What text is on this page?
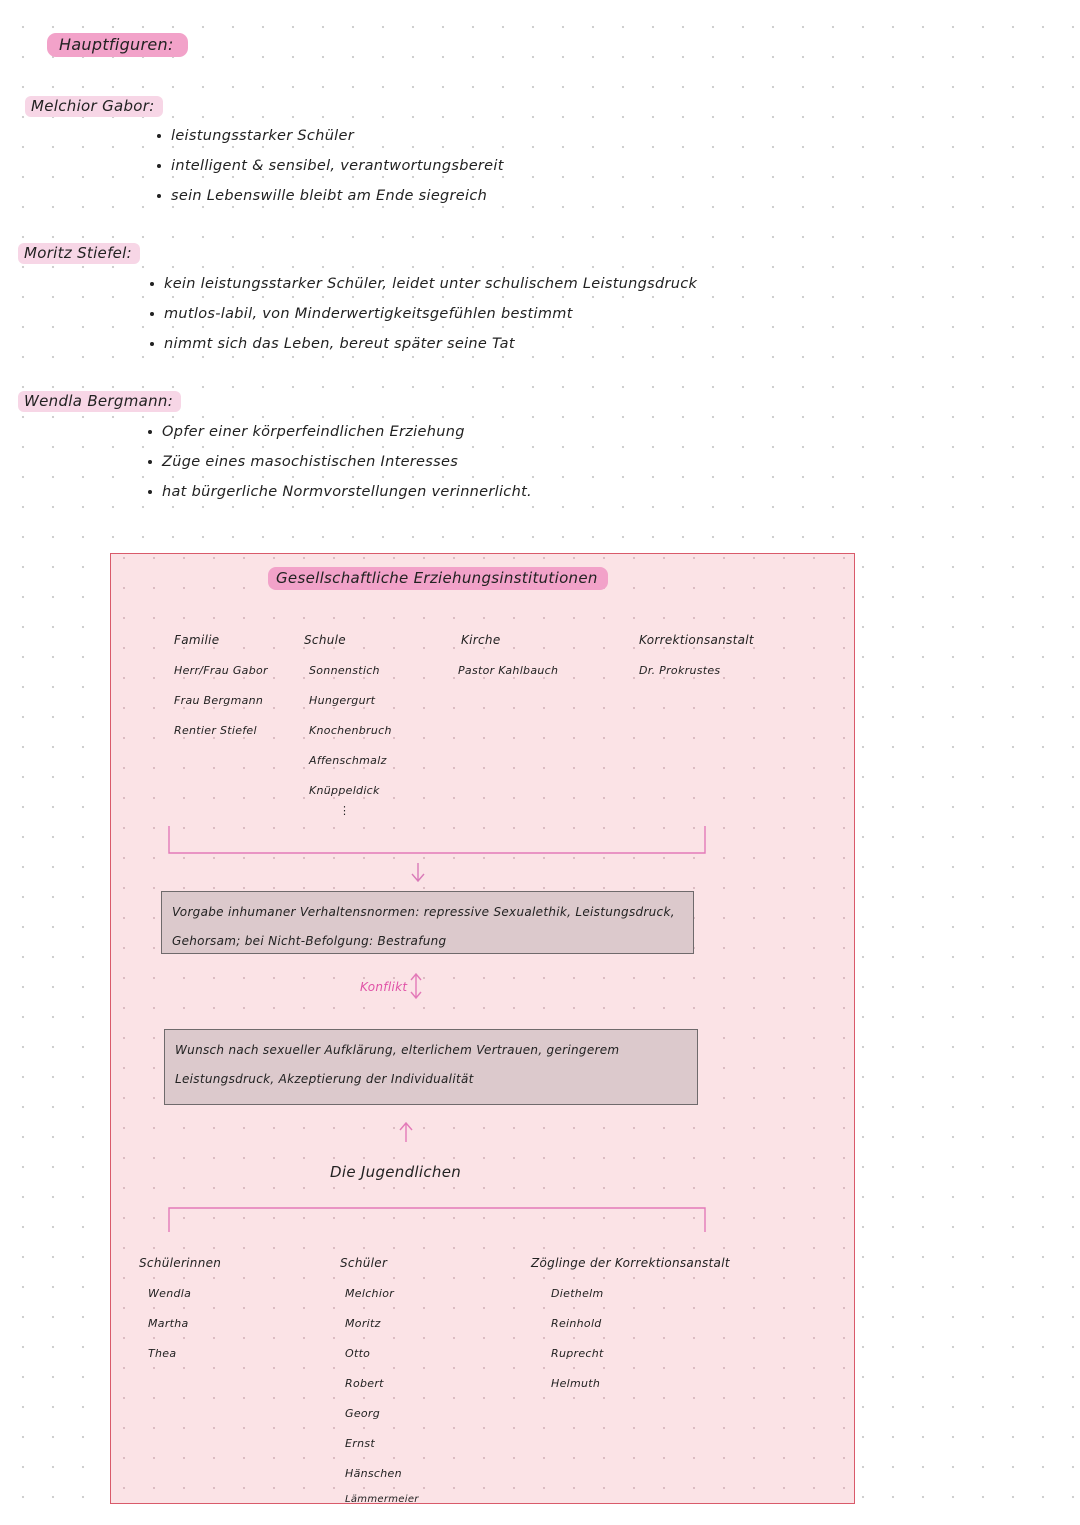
Hauptfiguren:
Melchior Gabor:
leistungsstarker Schüler
intelligent & sensibel, verantwortungsbereit
sein Lebenswille bleibt am Ende siegreich
Moritz Stiefel:
kein leistungsstarker Schüler, leidet unter schulischem Leistungsdruck
mutlos-labil, von Minderwertigkeitsgefühlen bestimmt
nimmt sich das Leben, bereut später seine Tat
Wendla Bergmann:
Opfer einer körperfeindlichen Erziehung
Züge eines masochistischen Interesses
hat bürgerliche Normvorstellungen verinnerlicht.
Gesellschaftliche Erziehungsinstitutionen
Familie
Herr/Frau Gabor
Frau Bergmann
Rentier Stiefel
Schule
Sonnenstich
Hungergurt
Knochenbruch
Affenschmalz
Knüppeldick
⋮
Kirche
Pastor Kahlbauch
Korrektionsanstalt
Dr. Prokrustes
Vorgabe inhumaner Verhaltensnormen: repressive Sexualethik, Leistungsdruck, Gehorsam; bei Nicht-Befolgung: Bestrafung
Konflikt
Wunsch nach sexueller Aufklärung, elterlichem Vertrauen, geringerem Leistungsdruck, Akzeptierung der Individualität
Die Jugendlichen
Schülerinnen
Wendla
Martha
Thea
Schüler
Melchior
Moritz
Otto
Robert
Georg
Ernst
Hänschen
Lämmermeier
Zöglinge der Korrektionsanstalt
Diethelm
Reinhold
Ruprecht
Helmuth
